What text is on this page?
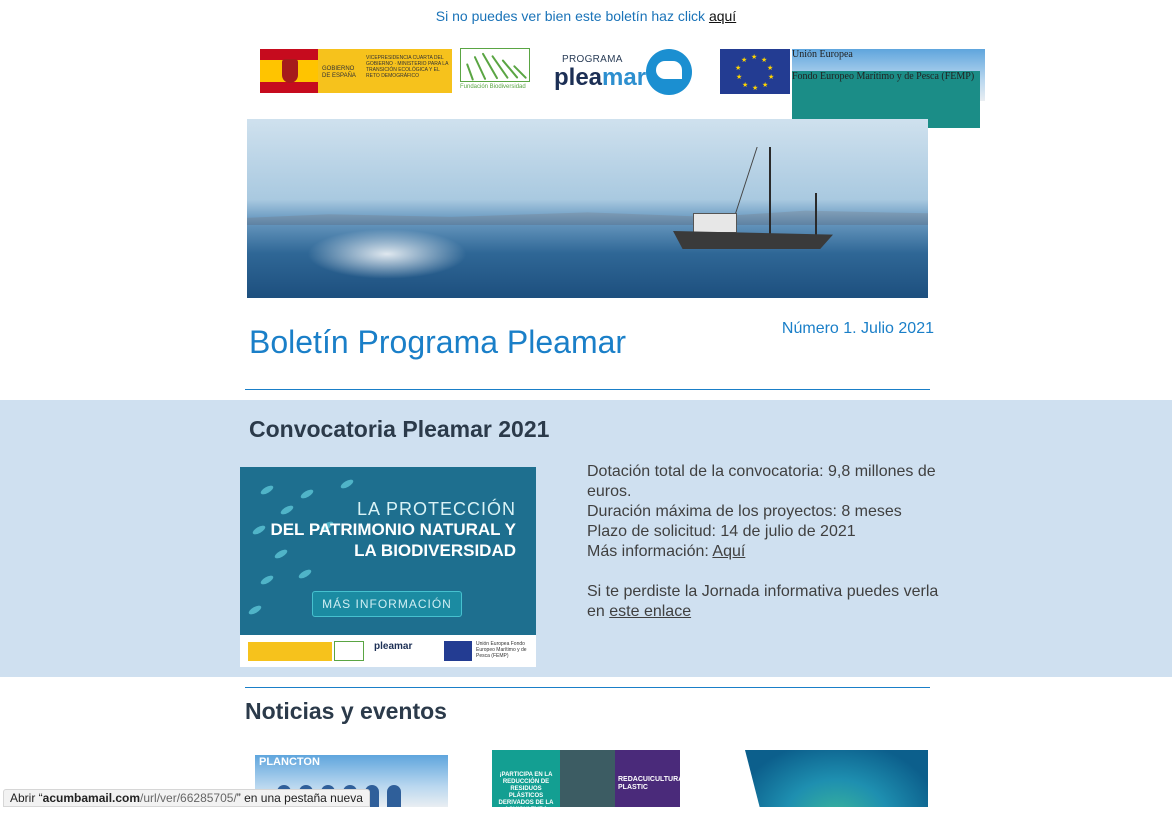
Si no puedes ver bien este boletín haz click aquí
GOBIERNO DE ESPAÑA
VICEPRESIDENCIA CUARTA DEL GOBIERNO · MINISTERIO PARA LA TRANSICIÓN ECOLÓGICA Y EL RETO DEMOGRÁFICO
Fundación Biodiversidad
PROGRAMA
pleamar
★ ★
★
★
★
★
★
★
★
★
Unión Europea
Fondo Europeo Marítimo y de Pesca (FEMP)
Boletín Programa Pleamar	Número 1. Julio 2021
Convocatoria Pleamar 2021
LA PROTECCIÓN
DEL PATRIMONIO NATURAL Y LA BIODIVERSIDAD
MÁS INFORMACIÓN
pleamar	Unión Europea Fondo Europeo Marítimo y de Pesca (FEMP)
Dotación total de la convocatoria: 9,8 millones de euros.
Duración máxima de los proyectos: 8 meses
Plazo de solicitud: 14 de julio de 2021
Más información: Aquí
Si te perdiste la Jornada informativa puedes verla en este enlace
Noticias y eventos
PLANCTON
¡PARTICIPA EN LA REDUCCIÓN DE RESIDUOS PLÁSTICOS DERIVADOS DE LA ACUICULTURA
REDACUICULTURA PLASTIC
Abrir “acumbamail.com/url/ver/66285705/” en una pestaña nueva
